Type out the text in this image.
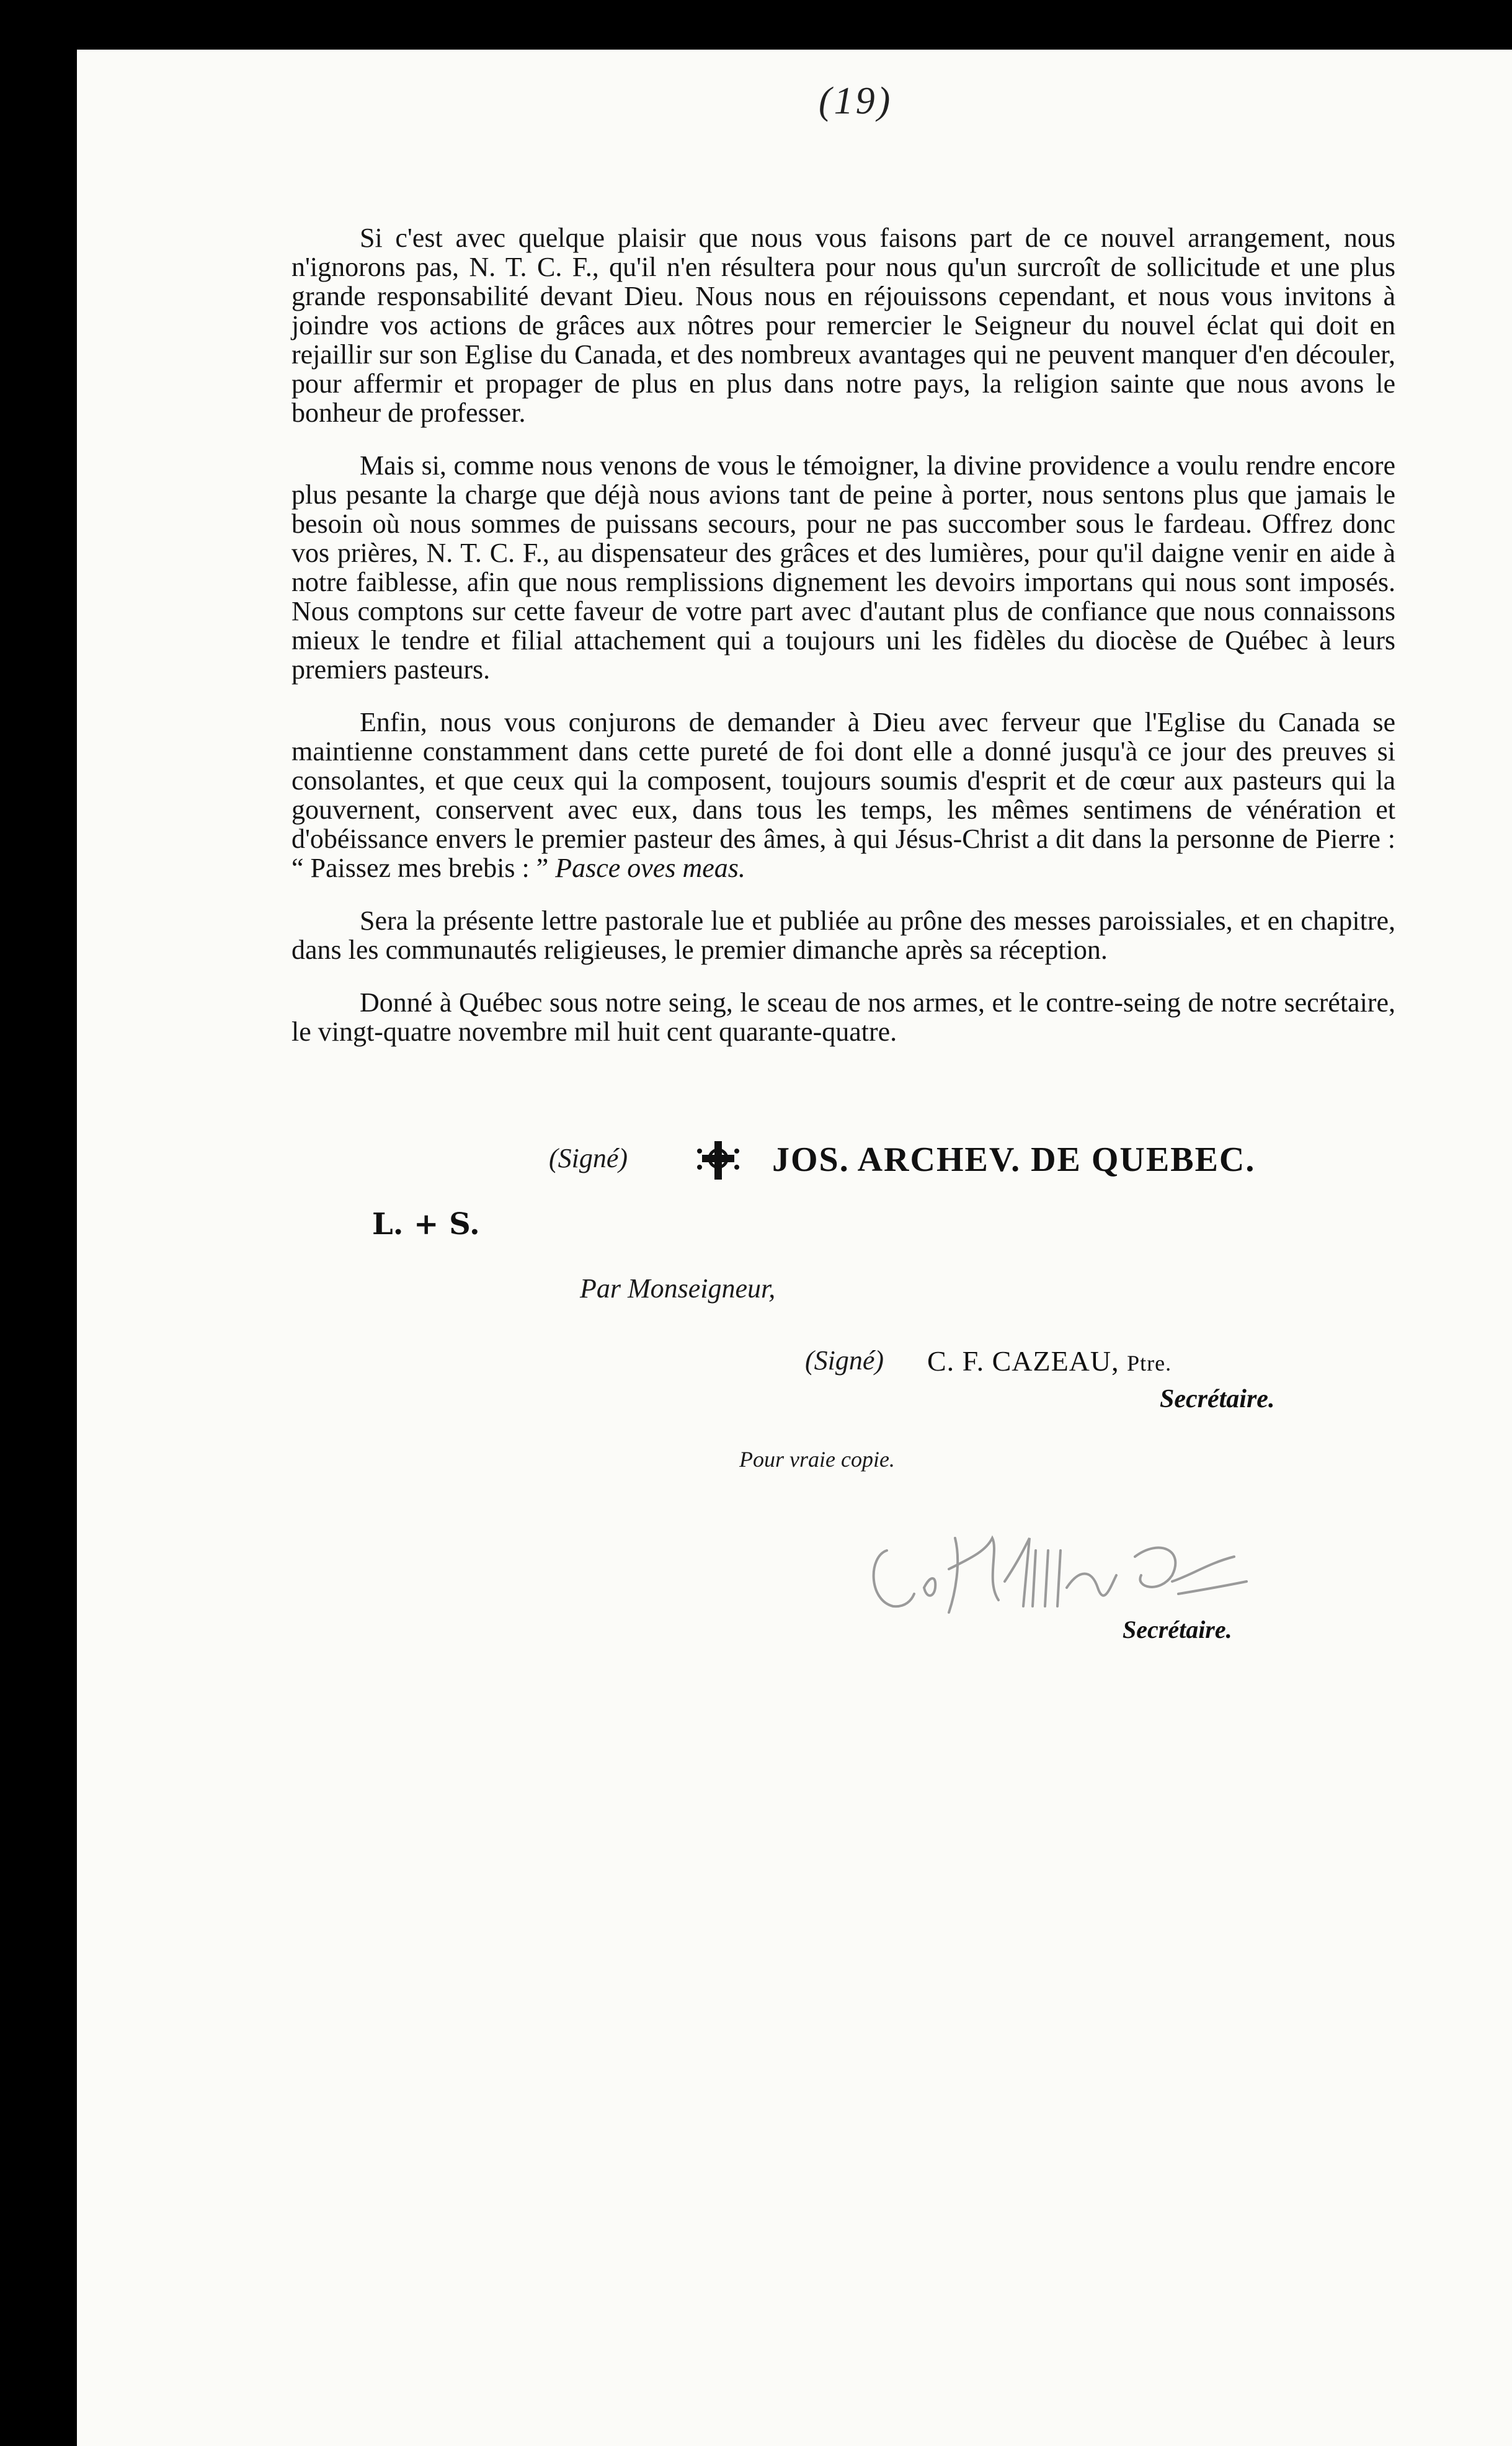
(19)

Si c'est avec quelque plaisir que nous vous faisons part de ce nouvel arrangement, nous n'ignorons pas, N. T. C. F., qu'il n'en résultera pour nous qu'un surcroît de sollicitude et une plus grande responsabilité devant Dieu. Nous nous en réjouissons cependant, et nous vous invitons à joindre vos actions de grâces aux nôtres pour remercier le Seigneur du nouvel éclat qui doit en rejaillir sur son Eglise du Canada, et des nombreux avantages qui ne peuvent manquer d'en découler, pour affermir et propager de plus en plus dans notre pays, la religion sainte que nous avons le bonheur de professer.

Mais si, comme nous venons de vous le témoigner, la divine providence a voulu rendre encore plus pesante la charge que déjà nous avions tant de peine à porter, nous sentons plus que jamais le besoin où nous sommes de puissans secours, pour ne pas succomber sous le fardeau. Offrez donc vos prières, N. T. C. F., au dispensateur des grâces et des lumières, pour qu'il daigne venir en aide à notre faiblesse, afin que nous remplissions dignement les devoirs importans qui nous sont imposés. Nous comptons sur cette faveur de votre part avec d'autant plus de confiance que nous connaissons mieux le tendre et filial attachement qui a toujours uni les fidèles du diocèse de Québec à leurs premiers pasteurs.

Enfin, nous vous conjurons de demander à Dieu avec ferveur que l'Eglise du Canada se maintienne constamment dans cette pureté de foi dont elle a donné jusqu'à ce jour des preuves si consolantes, et que ceux qui la composent, toujours soumis d'esprit et de cœur aux pasteurs qui la gouvernent, conservent avec eux, dans tous les temps, les mêmes sentimens de vénération et d'obéissance envers le premier pasteur des âmes, à qui Jésus-Christ a dit dans la personne de Pierre : “ Paissez mes brebis : ” Pasce oves meas.

Sera la présente lettre pastorale lue et publiée au prône des messes paroissiales, et en chapitre, dans les communautés religieuses, le premier dimanche après sa réception.

Donné à Québec sous notre seing, le sceau de nos armes, et le contre-seing de notre secrétaire, le vingt-quatre novembre mil huit cent quarante-quatre.

(Signé)	JOS. ARCHEV. DE QUEBEC.
L. + S.
Par Monseigneur,
(Signé) C. F. CAZEAU, Ptre.
Secrétaire.
Pour vraie copie.
Secrétaire.
